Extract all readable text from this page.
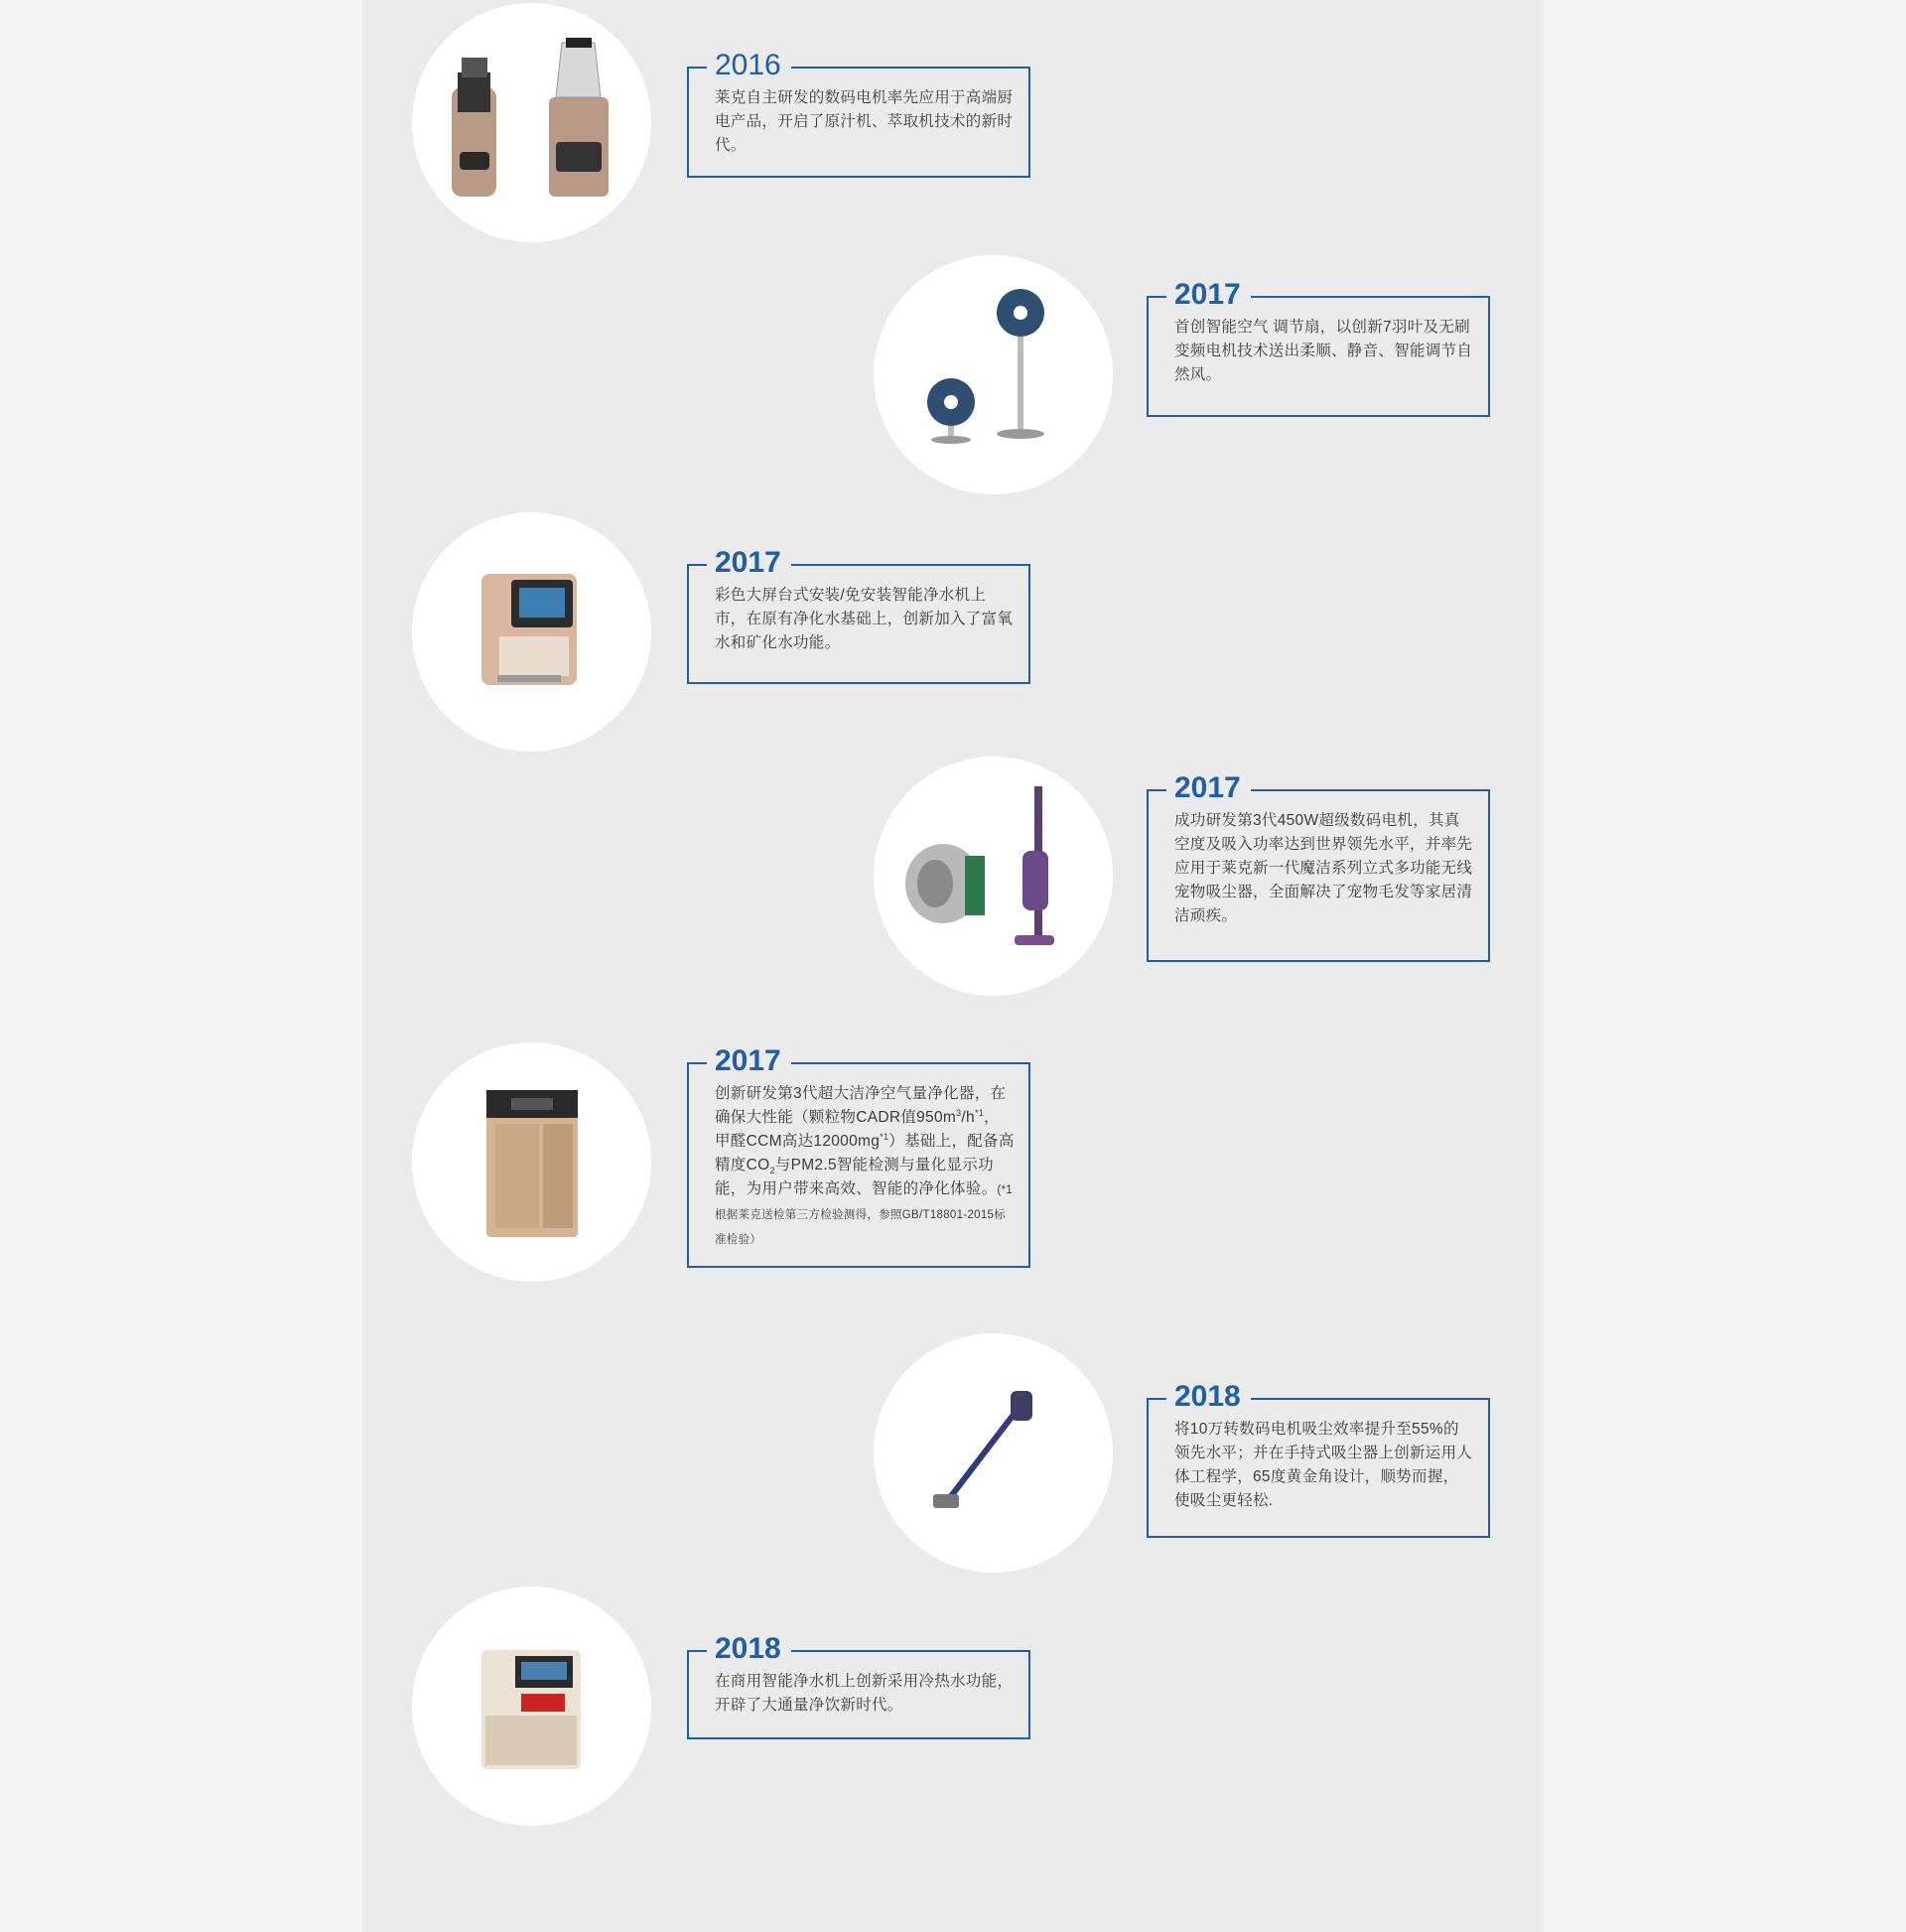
2016

莱克自主研发的数码电机率先应用于高端厨电产品，开启了原汁机、萃取机技术的新时代。

2017

首创智能空气 调节扇，以创新7羽叶及无刷变频电机技术送出柔顺、静音、智能调节自然风。

2017

彩色大屏台式安装/免安装智能净水机上市，在原有净化水基础上，创新加入了富氧水和矿化水功能。

2017

成功研发第3代450W超级数码电机，其真空度及吸入功率达到世界领先水平，并率先应用于莱克新一代魔洁系列立式多功能无线宠物吸尘器，全面解决了宠物毛发等家居清洁顽疾。

2017

创新研发第3代超大洁净空气量净化器，在确保大性能（颗粒物CADR值$950m^3/h^{*1}$，甲醛CCM高达$12000mg^{*1}$）基础上，配备高精度$CO_2$与PM2.5智能检测与量化显示功能，为用户带来高效、智能的净化体验。(*1根据莱克送检第三方检验测得，参照GB/T18801-2015标准检验）

2018

将10万转数码电机吸尘效率提升至55%的领先水平；并在手持式吸尘器上创新运用人体工程学，65度黄金角设计，顺势而握，使吸尘更轻松.

2018

在商用智能净水机上创新采用冷热水功能，开辟了大通量净饮新时代。
